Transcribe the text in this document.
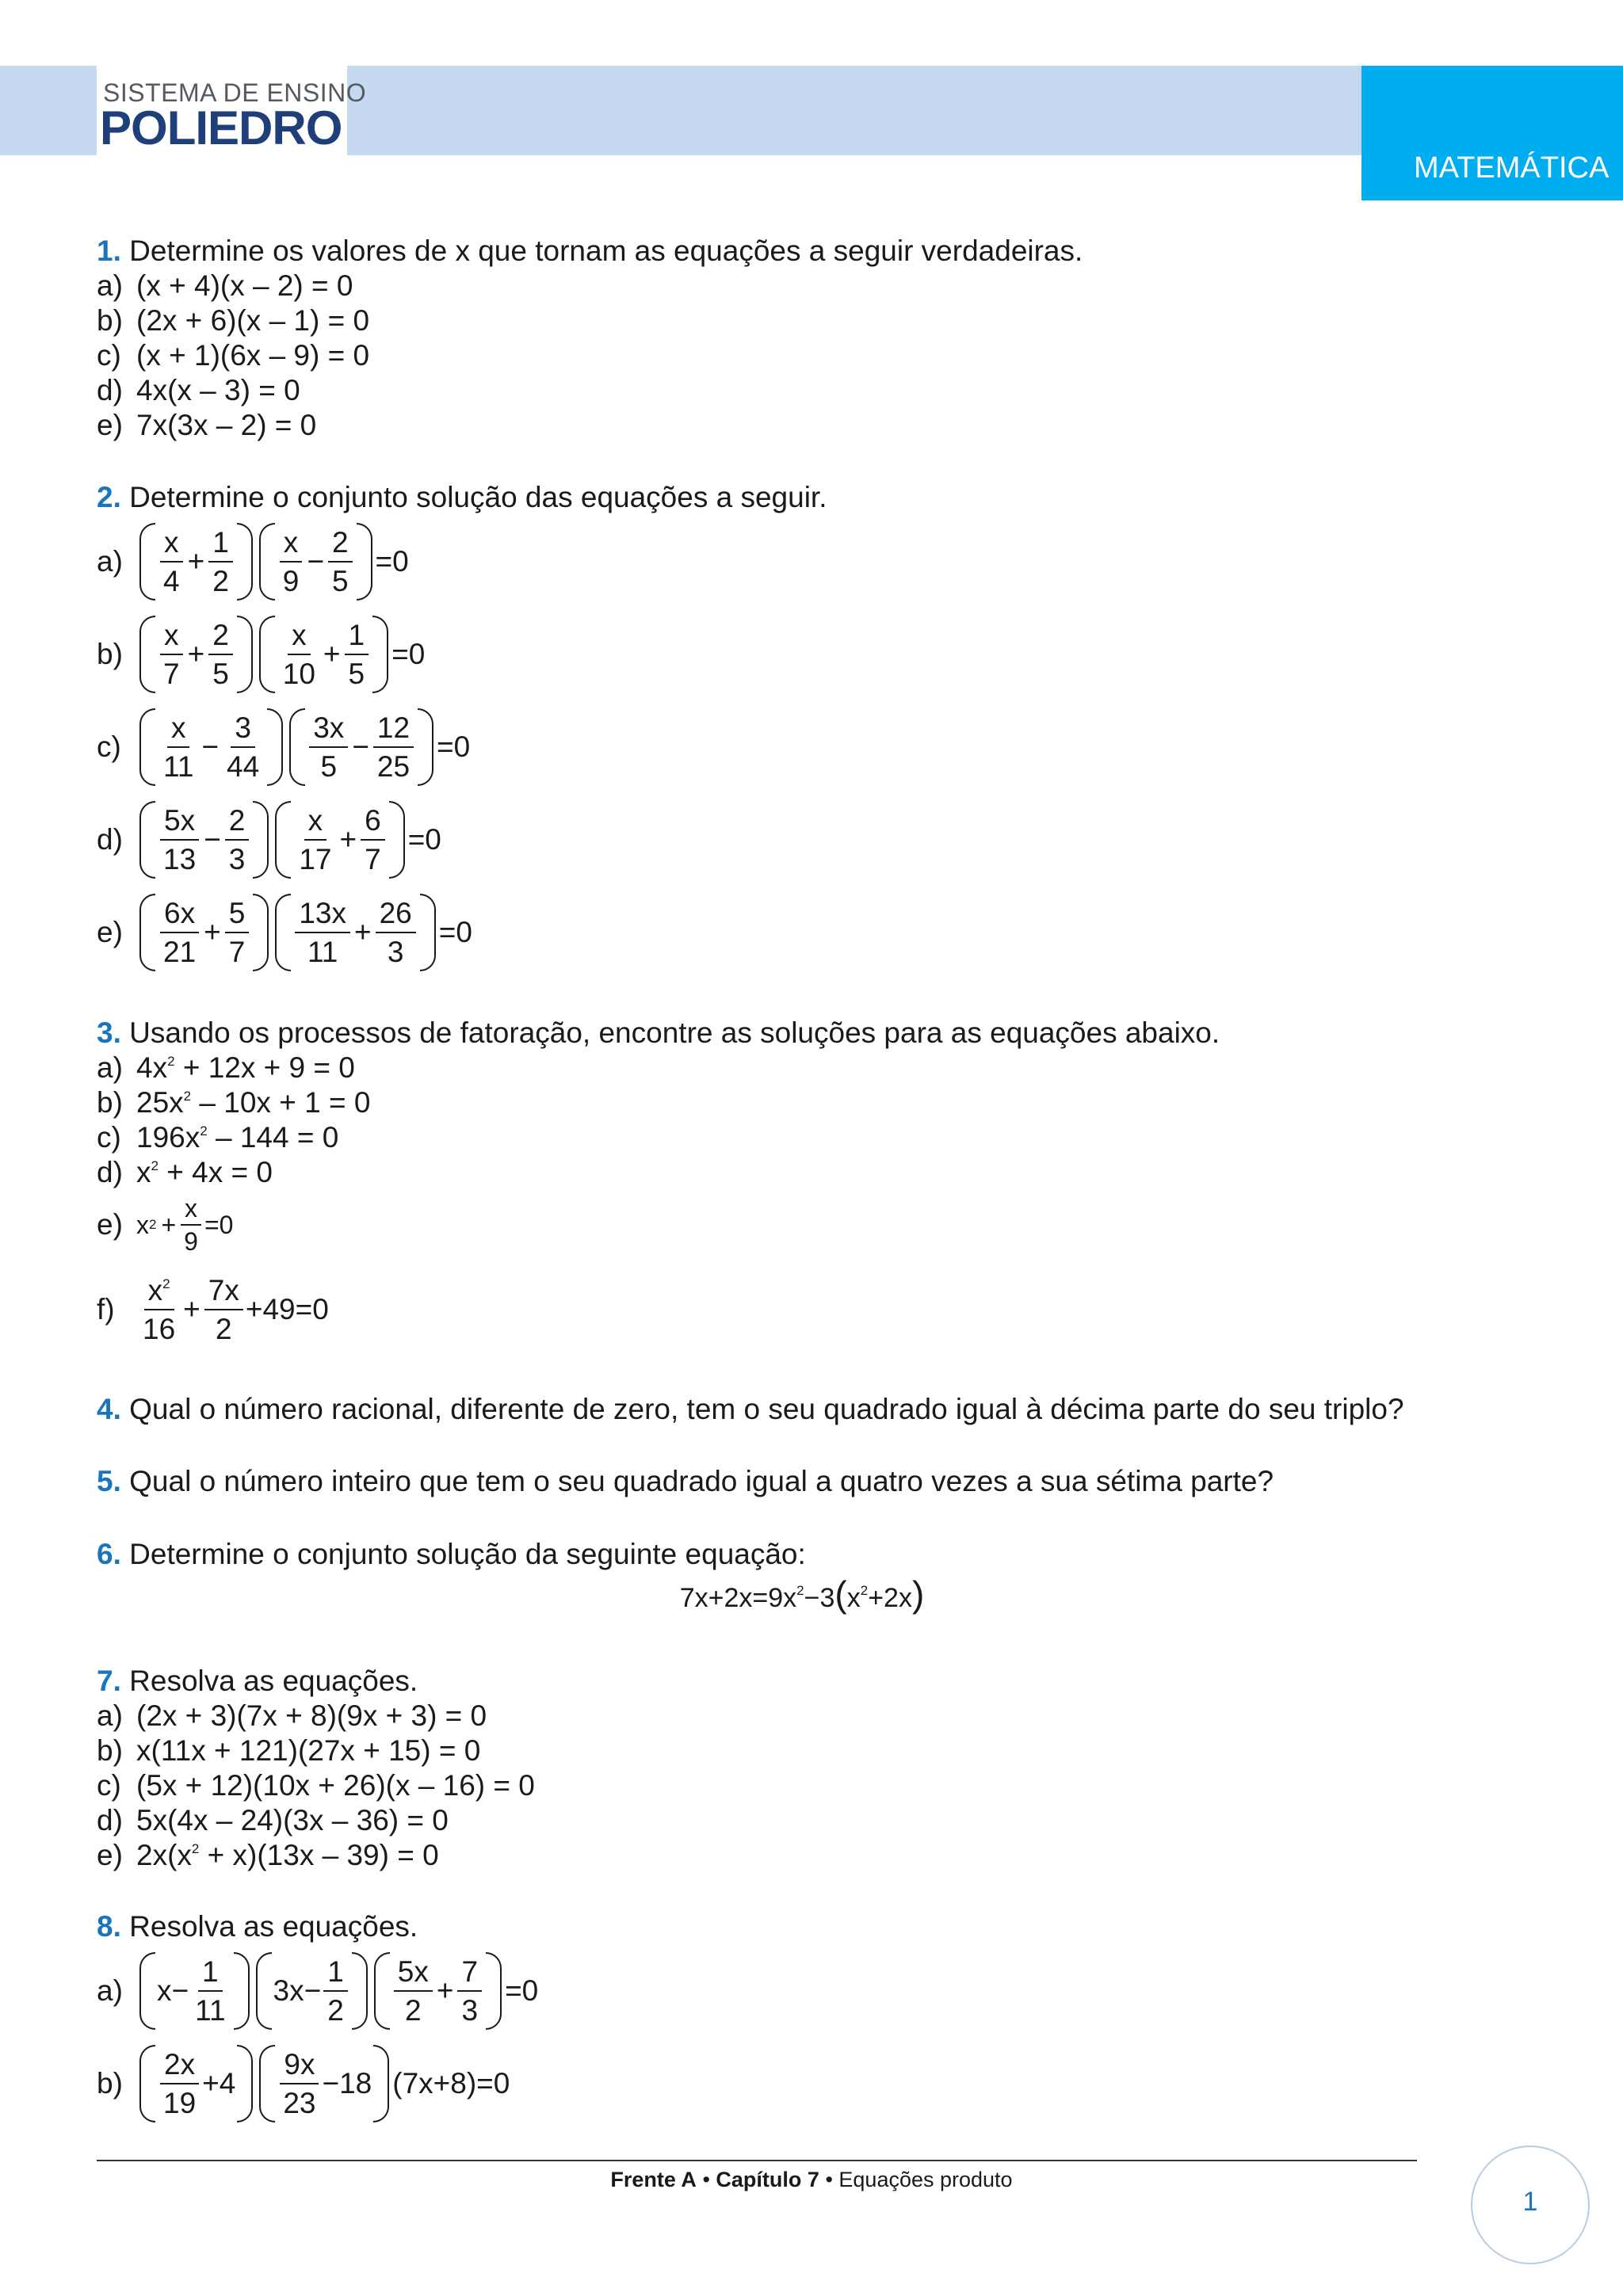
SISTEMA DE ENSINO
POLIEDRO
MATEMÁTICA
1. Determine os valores de x que tornam as equações a seguir verdadeiras.
a) (x + 4)(x – 2) = 0
b) (2x + 6)(x – 1) = 0
c) (x + 1)(6x – 9) = 0
d) 4x(x – 3) = 0
e) 7x(3x – 2) = 0
2. Determine o conjunto solução das equações a seguir.
a)	$\frac{x}{4} + \frac{1}{2} \frac{x}{9} - \frac{2}{5} =0$
b)	$\frac{x}{7} + \frac{2}{5} \frac{x}{10} + \frac{1}{5} =0$
c)	$\frac{x}{11} - \frac{3}{44} \frac{3x}{5} - \frac{12}{25} =0$
d)	$\frac{5x}{13} - \frac{2}{3} \frac{x}{17} + \frac{6}{7} =0$
e)	$\frac{6x}{21} + \frac{5}{7} \frac{13x}{11} + \frac{26}{3} =0$
3. Usando os processos de fatoração, encontre as soluções para as equações abaixo.
a) $4x^2 + 12x + 9 = 0$
b) $25x^2 - 10x + 1 = 0$
c) $196x^2 - 144 = 0$
d) $x^2 + 4x = 0$
e) x $2 + \frac{x}{9} =0$
$f) \frac{x^2}{16} + \frac{7x}{2} +49=0$
4. Qual o número racional, diferente de zero, tem o seu quadrado igual à décima parte do seu triplo?
5. Qual o número inteiro que tem o seu quadrado igual a quatro vezes a sua sétima parte?
6. Determine o conjunto solução da seguinte equação:
$7x+2x=9x^2-3(x^2+2x)$
7. Resolva as equações.
a) (2x + 3)(7x + 8)(9x + 3) = 0
b) x(11x + 121)(27x + 15) = 0
c) (5x + 12)(10x + 26)(x – 16) = 0
d) 5x(4x – 24)(3x – 36) = 0
e) $2x(x^2 + x)(13x - 39) = 0$
8. Resolva as equações.
a)	$x- \frac{1}{11} 3x- \frac{1}{2} \frac{5x}{2} + \frac{7}{3} =0$
b)	$\frac{2x}{19} +4 \frac{9x}{23} -18$ (7x+8)=0
Frente A • Capítulo 7 • Equações produto
1
